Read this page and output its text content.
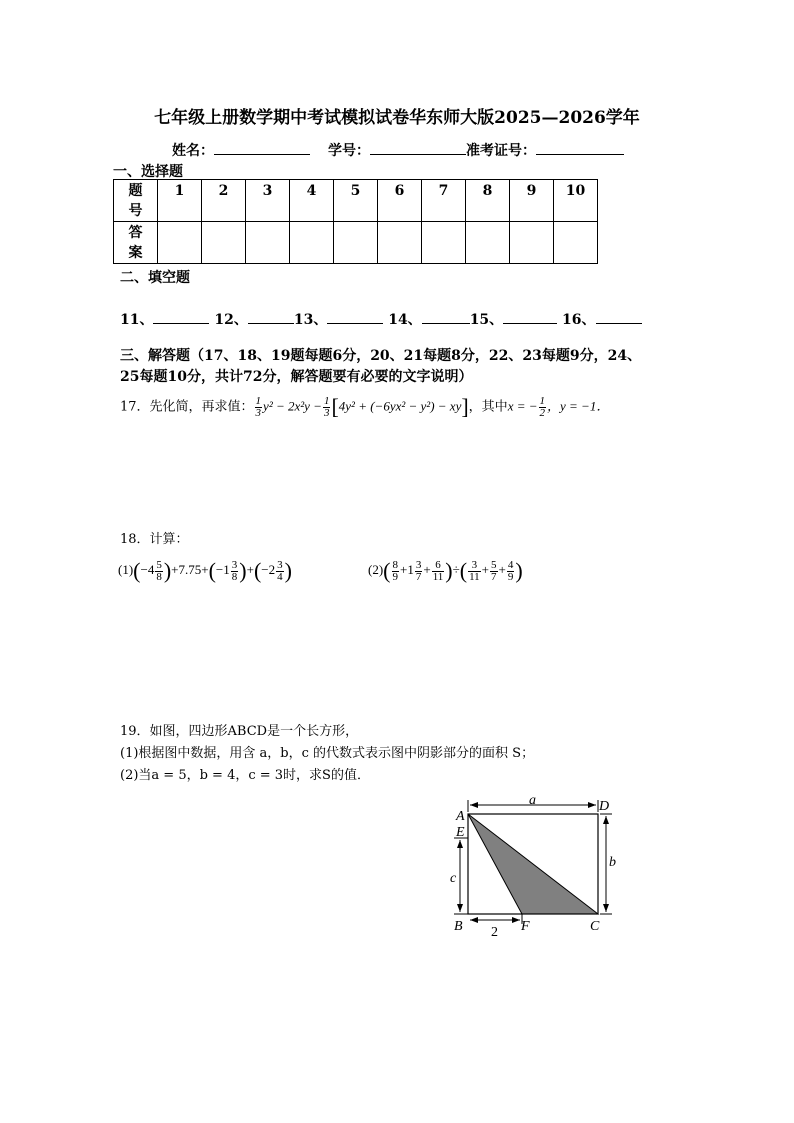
七年级上册数学期中考试模拟试卷华东师大版2025—2026学年
姓名：	学号：	准考证号：
一、选择题
题
号	1	2	3	4	5	6	7	8	9	10

答
案										

二、填空题
11、	12、	13、	14、	15、	16、
三、解答题（17、18、19题每题6分，20、21每题8分，22、23每题9分，24、
25每题10分，共计72分，解答题要有必要的文字说明）
17．先化简，再求值： $\frac{1}{3} y^2 - 2x^2y - \frac{1}{3} [4y^2 + (-6yx^2 - y^2) - xy]$，其中x = − $\frac{1}{2}$ ，y = −1．
18．计算：
$(1)(-4 \frac{5}{8} )+7.75+(-1 \frac{3}{8} )+(-2 \frac{3}{4}$ )	$(2)( \frac{8}{9} +1 \frac{3}{7} + \frac{6}{11}$ )÷( $\frac{3}{11} + \frac{5}{7} + \frac{4}{9}$ )
19．如图，四边形ABCD是一个长方形，
(1)根据图中数据，用含 a，b，c 的代数式表示图中阴影部分的面积 S；
(2)当a = 5，b = 4，c = 3时，求S的值．
A
D
E
B	F	C
a
b
c
2
